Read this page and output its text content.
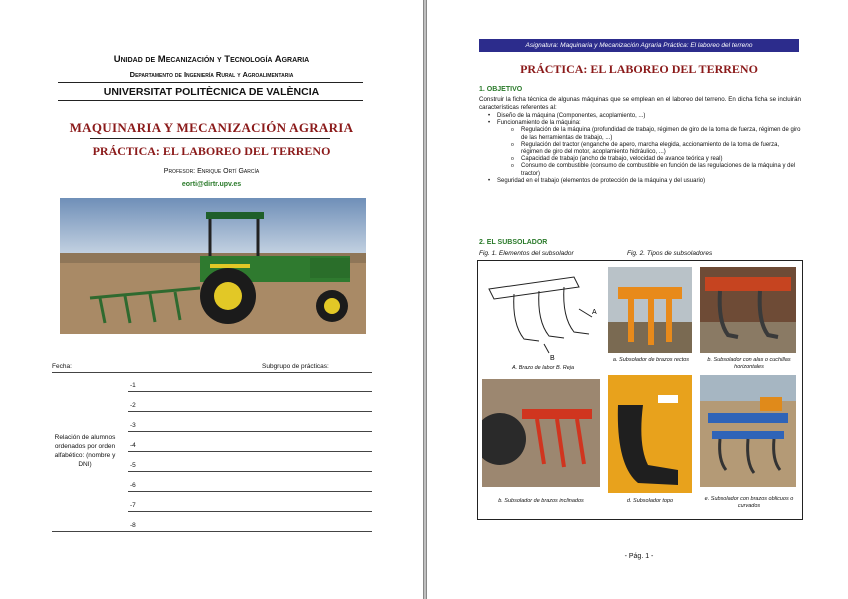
Unidad de Mecanización y Tecnología Agraria
Departamento de Ingeniería Rural y Agroalimentaria
UNIVERSITAT POLITÈCNICA DE VALÈNCIA
MAQUINARIA Y MECANIZACIÓN AGRARIA
PRÁCTICA: EL LABOREO DEL TERRENO
Profesor: Enrique Ortí García
eorti@dirtr.upv.es
Fecha:	Subgrupo de prácticas:
Relación de alumnos ordenados por orden alfabético: (nombre y DNI)
-1
-2
-3
-4
-5
-6
-7
-8
Asignatura: Maquinaria y Mecanización Agraria Práctica: El laboreo del terreno
PRÁCTICA: EL LABOREO DEL TERRENO
1. OBJETIVO
Construir la ficha técnica de algunas máquinas que se emplean en el laboreo del terreno. En dicha ficha se incluirán características referentes al:
• Diseño de la máquina (Componentes, acoplamiento, ...)
• Funcionamiento de la máquina:
o Regulación de la máquina (profundidad de trabajo, régimen de giro de la toma de fuerza, régimen de giro de las herramientas de trabajo, ...)
o Regulación del tractor (enganche de apero, marcha elegida, accionamiento de la toma de fuerza, régimen de giro del motor, acoplamiento hidráulico, ...)
o Capacidad de trabajo (ancho de trabajo, velocidad de avance teórica y real)
o Consumo de combustible (consumo de combustible en función de las regulaciones de la máquina y del tractor)
• Seguridad en el trabajo (elementos de protección de la máquina y del usuario)
2. EL SUBSOLADOR
Fig. 1. Elementos del subsolador	Fig. 2. Tipos de subsoladores
A
B
A. Brazo de labor B. Reja
a. Subsolador de brazos rectos	b. Subsolador con alas o cuchillas horizontales
b. Subsolador de brazos inclinados	d. Subsolador topo	e. Subsolador con brazos oblicuos o curvados
- Pág. 1 -
